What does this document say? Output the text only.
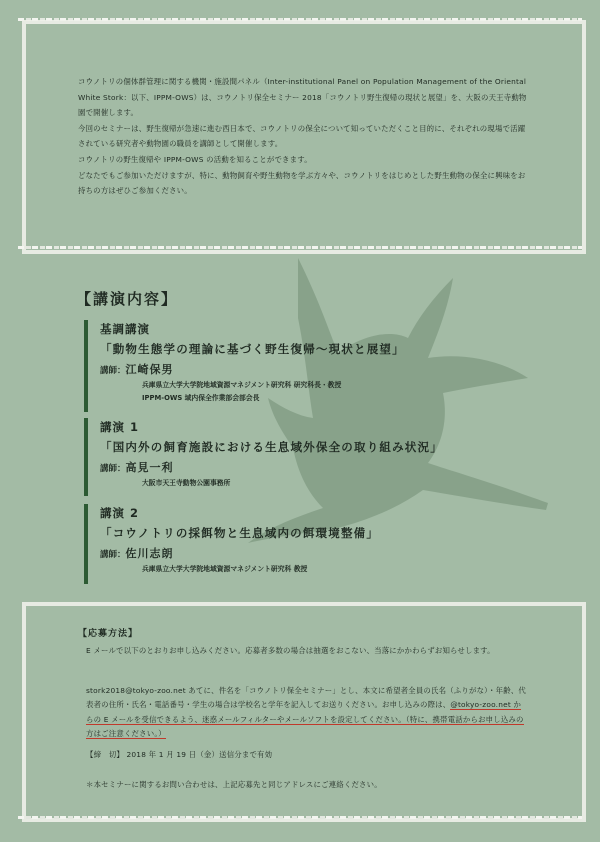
コウノトリの個体群管理に関する機関・施設間パネル（Inter-institutional Panel on Population Management of the Oriental White Stork：以下、IPPM-OWS）は、コウノトリ保全セミナー 2018「コウノトリ野生復帰の現状と展望」を、大阪の天王寺動物園で開催します。

今回のセミナーは、野生復帰が急速に進む西日本で、コウノトリの保全について知っていただくこと目的に、それぞれの現場で活躍されている研究者や動物園の職員を講師として開催します。

コウノトリの野生復帰や IPPM-OWS の活動を知ることができます。

どなたでもご参加いただけますが、特に、動物飼育や野生動物を学ぶ方々や、コウノトリをはじめとした野生動物の保全に興味をお持ちの方はぜひご参加ください。

【講演内容】
基調講演
「動物生態学の理論に基づく野生復帰〜現状と展望」
講師：江崎保男
兵庫県立大学大学院地域資源マネジメント研究科 研究科長・教授
IPPM-OWS 域内保全作業部会部会長
講演 1
「国内外の飼育施設における生息域外保全の取り組み状況」
講師：高見一利
大阪市天王寺動物公園事務所
講演 2
「コウノトリの採餌物と生息域内の餌環境整備」
講師：佐川志朗
兵庫県立大学大学院地域資源マネジメント研究科 教授
【応募方法】

E メールで以下のとおりお申し込みください。応募者多数の場合は抽選をおこない、当落にかかわらずお知らせします。

stork2018@tokyo-zoo.net あてに、件名を「コウノトリ保全セミナー」とし、本文に希望者全員の氏名（ふりがな）・年齢、代表者の住所・氏名・電話番号・学生の場合は学校名と学年を記入してお送りください。お申し込みの際は、@tokyo-zoo.net からの E メールを受信できるよう、迷惑メールフィルターやメールソフトを設定してください。（特に、携帯電話からお申し込みの方はご注意ください。）

【締　切】 2018 年 1 月 19 日（金）送信分まで有効

＊本セミナーに関するお問い合わせは、上記応募先と同じアドレスにご連絡ください。
